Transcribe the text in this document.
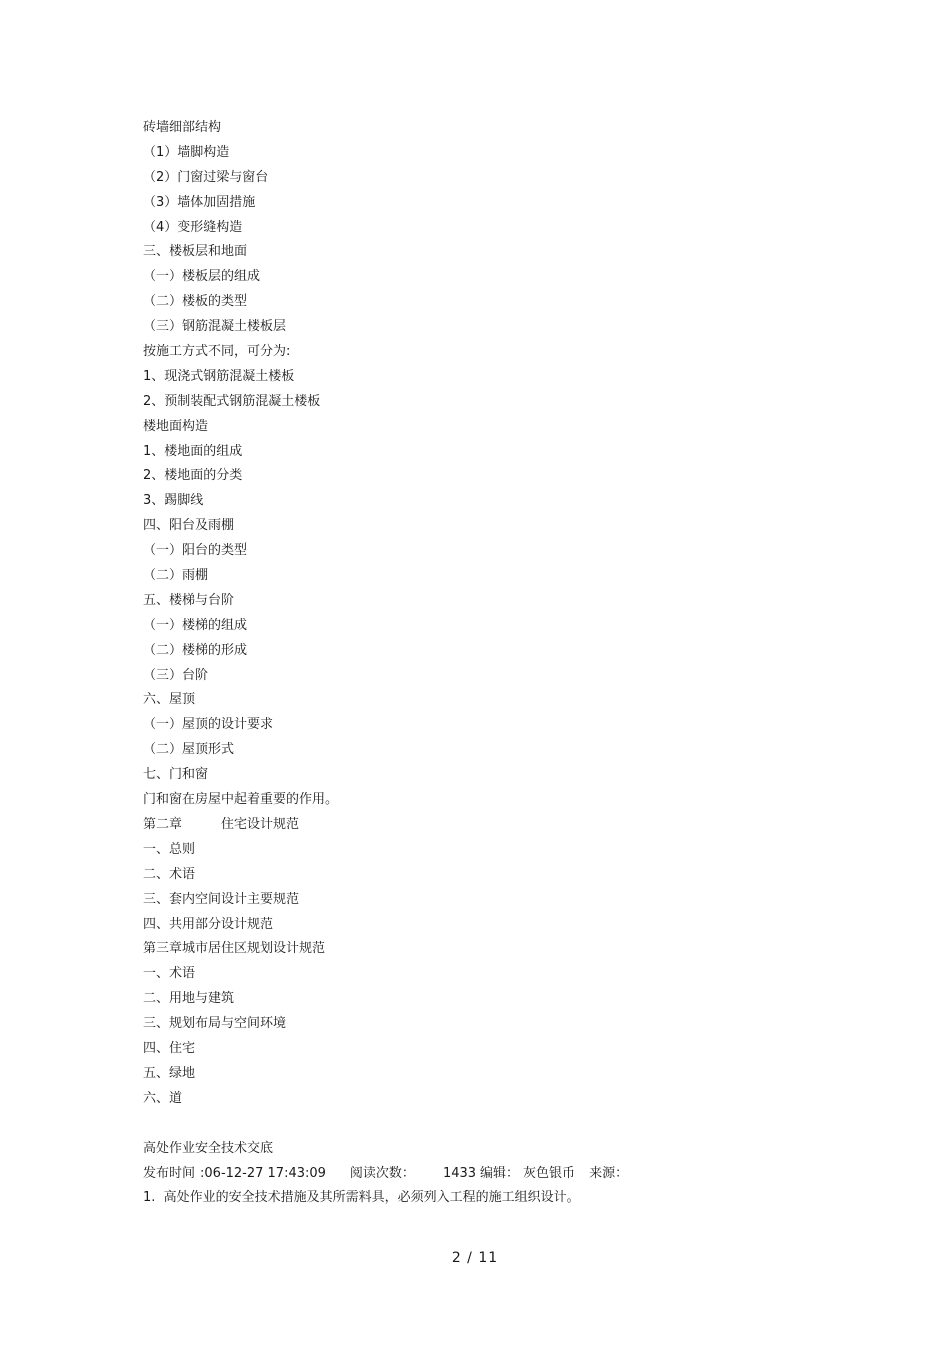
砖墙细部结构
（1）墙脚构造
（2）门窗过梁与窗台
（3）墙体加固措施
（4）变形缝构造
三、楼板层和地面
（一）楼板层的组成
（二）楼板的类型
（三）钢筋混凝土楼板层
按施工方式不同，可分为:
1、现浇式钢筋混凝土楼板
2、预制装配式钢筋混凝土楼板
楼地面构造
1、楼地面的组成
2、楼地面的分类
3、踢脚线
四、阳台及雨棚
（一）阳台的类型
（二）雨棚
五、楼梯与台阶
（一）楼梯的组成
（二）楼梯的形成
（三）台阶
六、屋顶
（一）屋顶的设计要求
（二）屋顶形式
七、门和窗
门和窗在房屋中起着重要的作用。
第二章　　　住宅设计规范
一、总则
二、术语
三、套内空间设计主要规范
四、共用部分设计规范
第三章城市居住区规划设计规范
一、术语
二、用地与建筑
三、规划布局与空间环境
四、住宅
五、绿地
六、道
高处作业安全技术交底
发布时间 :06-12-27 17:43:09 阅读次数： 1433 编辑： 灰色银币 来源：
1.  高处作业的安全技术措施及其所需料具，必须列入工程的施工组织设计。
2 / 11
